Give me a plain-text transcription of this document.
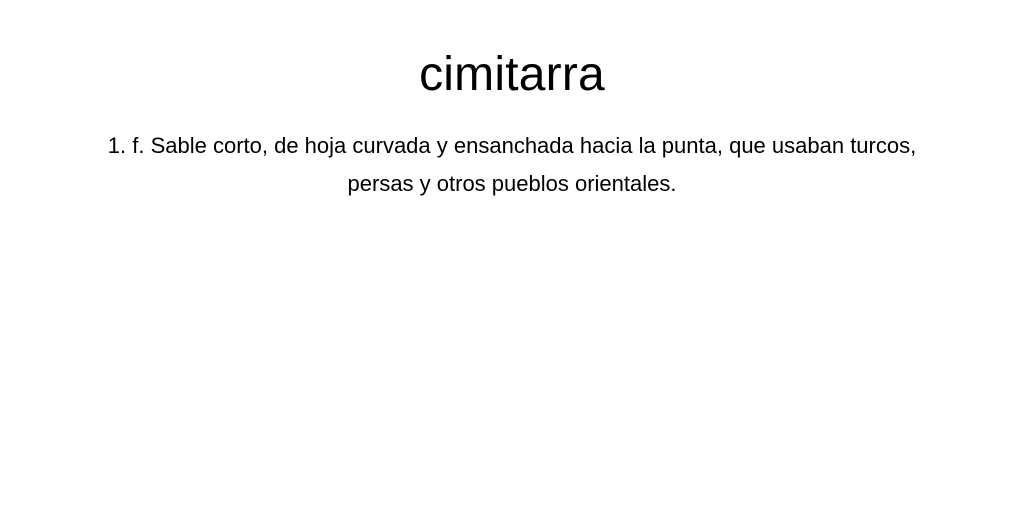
cimitarra

1. f. Sable corto, de hoja curvada y ensanchada hacia la punta, que usaban turcos, persas y otros pueblos orientales.
